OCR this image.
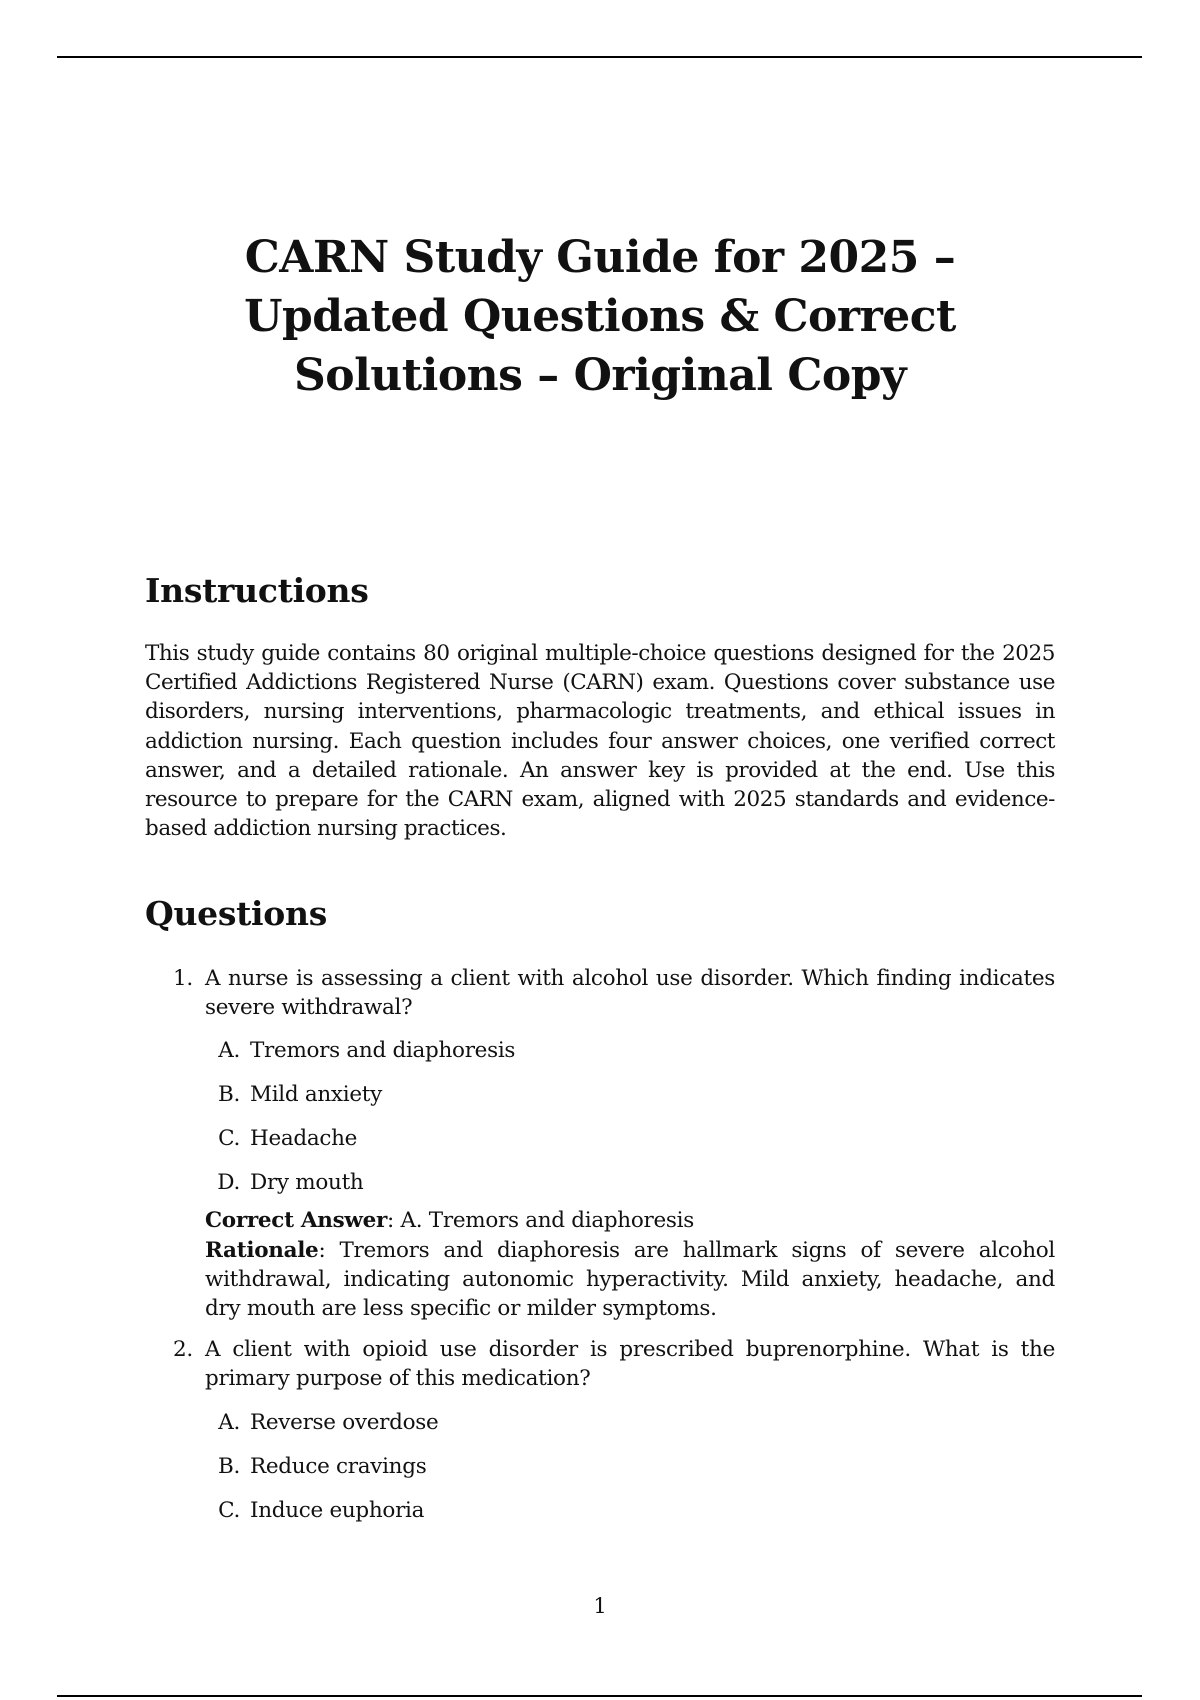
CARN Study Guide for 2025 –
Updated Questions & Correct
Solutions – Original Copy
Instructions

This study guide contains 80 original multiple-choice questions designed for the 2025 Certified Addictions Registered Nurse (CARN) exam. Questions cover substance use disorders, nursing interventions, pharmacologic treatments, and ethical issues in addiction nursing. Each question includes four answer choices, one verified correct answer, and a detailed rationale. An answer key is provided at the end. Use this resource to prepare for the CARN exam, aligned with 2025 standards and evidence-based addiction nursing practices.

Questions
1. A nurse is assessing a client with alcohol use disorder. Which finding indicates severe withdrawal?

A. Tremors and diaphoresis
B. Mild anxiety
C. Headache
D. Dry mouth

Correct Answer: A. Tremors and diaphoresis

Rationale: Tremors and diaphoresis are hallmark signs of severe alcohol withdrawal, indicating autonomic hyperactivity. Mild anxiety, headache, and dry mouth are less specific or milder symptoms.

2. A client with opioid use disorder is prescribed buprenorphine. What is the primary purpose of this medication?

A. Reverse overdose
B. Reduce cravings
C. Induce euphoria
1
